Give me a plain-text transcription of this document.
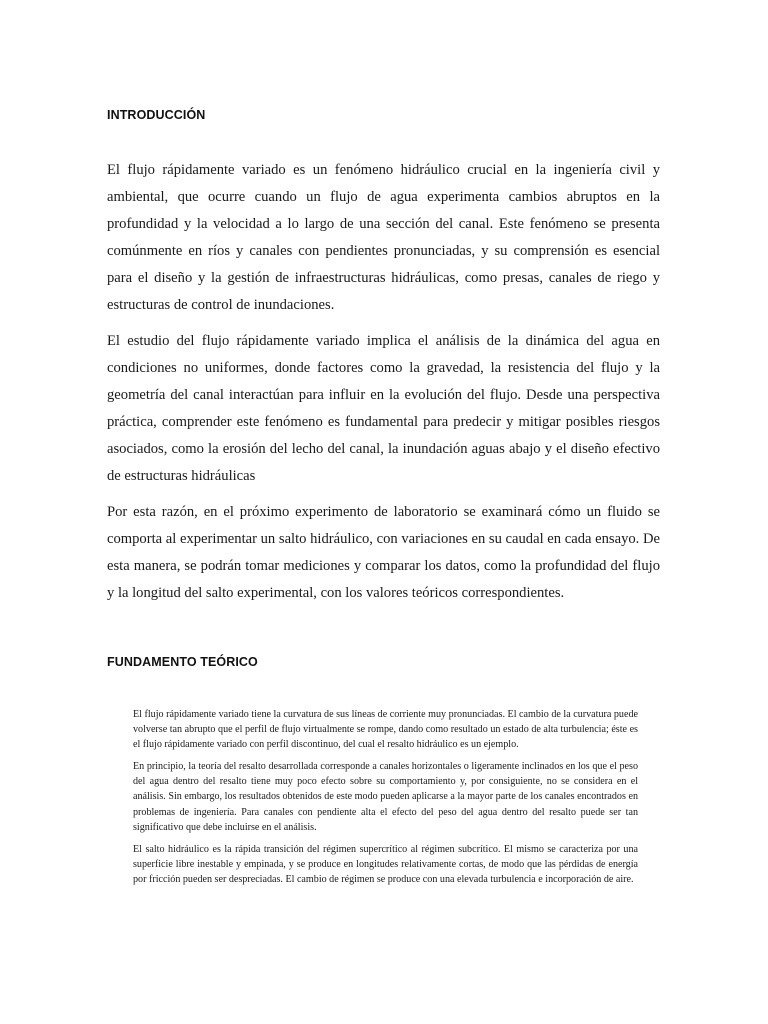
INTRODUCCIÓN

El flujo rápidamente variado es un fenómeno hidráulico crucial en la ingeniería civil y ambiental, que ocurre cuando un flujo de agua experimenta cambios abruptos en la profundidad y la velocidad a lo largo de una sección del canal. Este fenómeno se presenta comúnmente en ríos y canales con pendientes pronunciadas, y su comprensión es esencial para el diseño y la gestión de infraestructuras hidráulicas, como presas, canales de riego y estructuras de control de inundaciones.

El estudio del flujo rápidamente variado implica el análisis de la dinámica del agua en condiciones no uniformes, donde factores como la gravedad, la resistencia del flujo y la geometría del canal interactúan para influir en la evolución del flujo. Desde una perspectiva práctica, comprender este fenómeno es fundamental para predecir y mitigar posibles riesgos asociados, como la erosión del lecho del canal, la inundación aguas abajo y el diseño efectivo de estructuras hidráulicas

Por esta razón, en el próximo experimento de laboratorio se examinará cómo un fluido se comporta al experimentar un salto hidráulico, con variaciones en su caudal en cada ensayo. De esta manera, se podrán tomar mediciones y comparar los datos, como la profundidad del flujo y la longitud del salto experimental, con los valores teóricos correspondientes.

FUNDAMENTO TEÓRICO

El flujo rápidamente variado tiene la curvatura de sus líneas de corriente muy pronunciadas. El cambio de la curvatura puede volverse tan abrupto que el perfil de flujo virtualmente se rompe, dando como resultado un estado de alta turbulencia; éste es el flujo rápidamente variado con perfil discontinuo, del cual el resalto hidráulico es un ejemplo.

En principio, la teoría del resalto desarrollada corresponde a canales horizontales o ligeramente inclinados en los que el peso del agua dentro del resalto tiene muy poco efecto sobre su comportamiento y, por consiguiente, no se considera en el análisis. Sin embargo, los resultados obtenidos de este modo pueden aplicarse a la mayor parte de los canales encontrados en problemas de ingeniería. Para canales con pendiente alta el efecto del peso del agua dentro del resalto puede ser tan significativo que debe incluirse en el análisis.

El salto hidráulico es la rápida transición del régimen supercrítico al régimen subcrítico. El mismo se caracteriza por una superficie libre inestable y empinada, y se produce en longitudes relativamente cortas, de modo que las pérdidas de energía por fricción pueden ser despreciadas. El cambio de régimen se produce con una elevada turbulencia e incorporación de aire.
